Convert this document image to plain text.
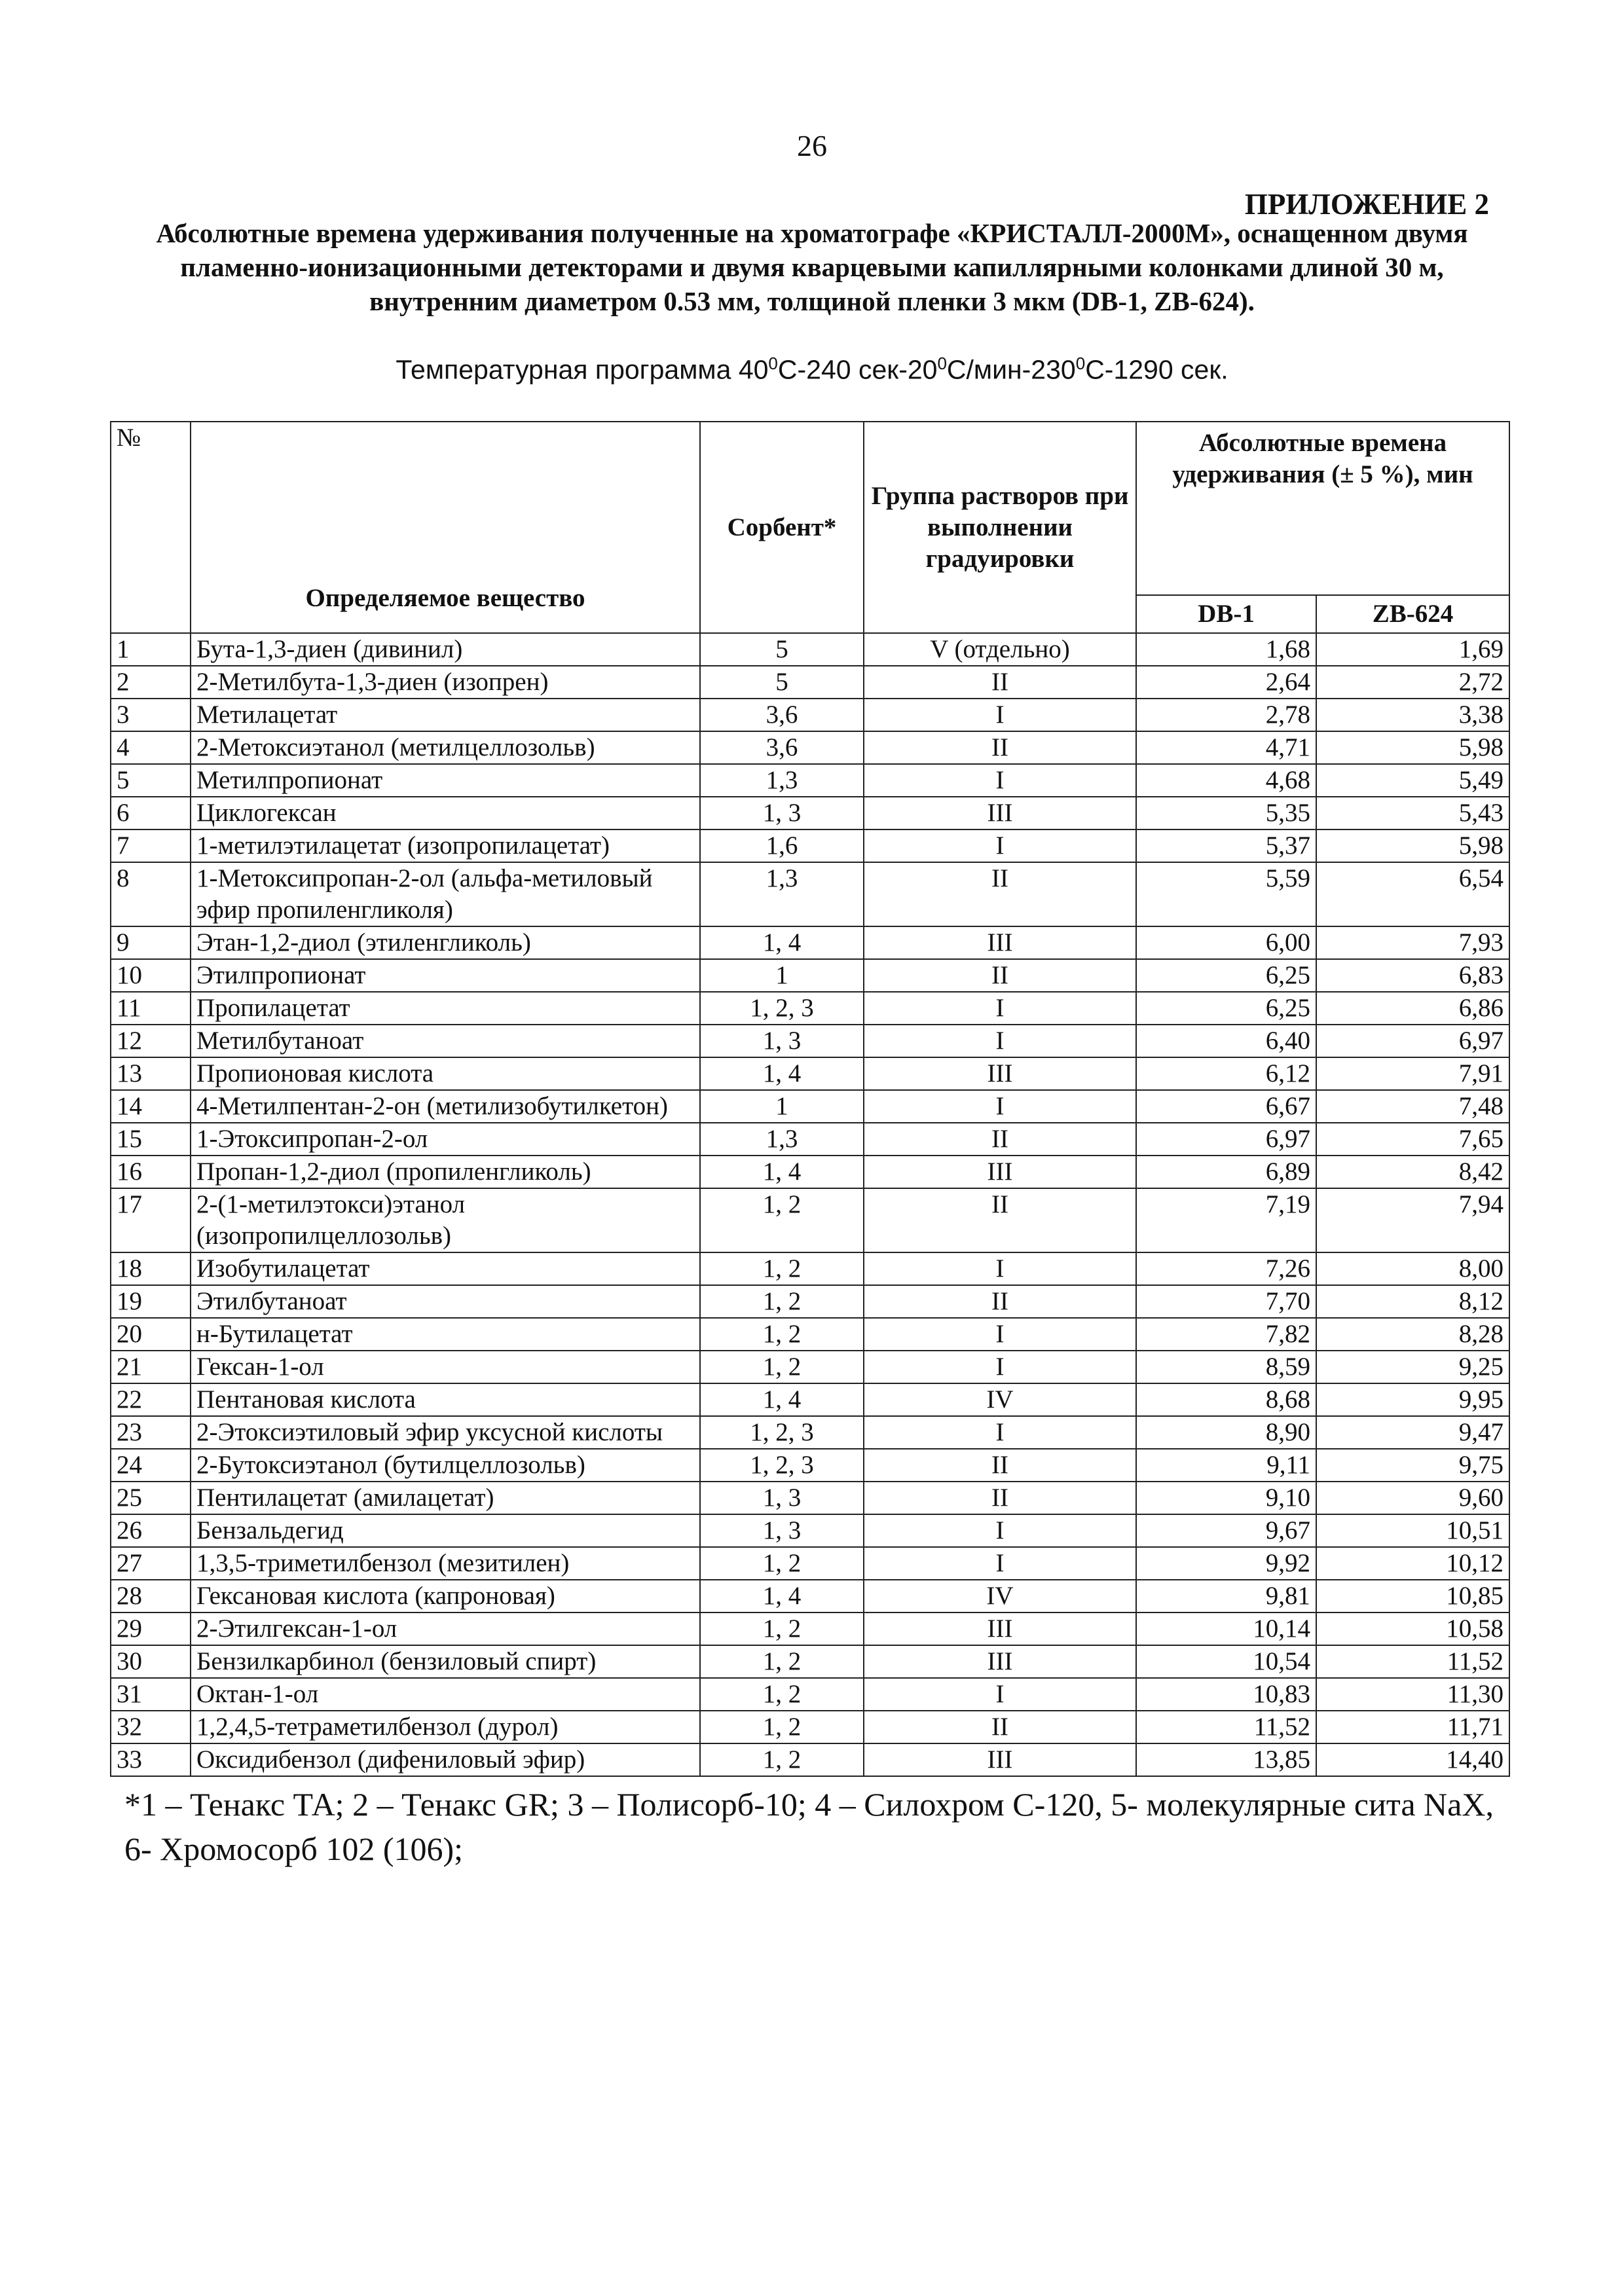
26
ПРИЛОЖЕНИЕ 2
Абсолютные времена удерживания полученные на хроматографе «КРИСТАЛЛ-2000М», оснащенном двумя пламенно-ионизационными детекторами и двумя кварцевыми капиллярными колонками длиной 30 м, внутренним диаметром 0.53 мм, толщиной пленки 3 мкм (DB-1, ZB-624).
Температурная программа $40^0С-240$ сек-$20^0С/мин-230^0С-1290$ сек.
№	Определяемое вещество	Сорбент*	Группа растворов при выполнении градуировки	Абсолютные времена удерживания (± 5 %), мин	
				DB-1	ZB-624
1	Бута-1,3-диен (дивинил)	5	V (отдельно)	1,68	1,69
2	2-Метилбута-1,3-диен (изопрен)	5	II	2,64	2,72
3	Метилацетат	3,6	I	2,78	3,38
4	2-Метоксиэтанол (метилцеллозольв)	3,6	II	4,71	5,98
5	Метилпропионат	1,3	I	4,68	5,49
6	Циклогексан	1, 3	III	5,35	5,43
7	1-метилэтилацетат (изопропилацетат)	1,6	I	5,37	5,98
8	1-Метоксипропан-2-ол (альфа-метиловый эфир пропиленгликоля)	1,3	II	5,59	6,54
9	Этан-1,2-диол (этиленгликоль)	1, 4	III	6,00	7,93
10	Этилпропионат	1	II	6,25	6,83
11	Пропилацетат	1, 2, 3	I	6,25	6,86
12	Метилбутаноат	1, 3	I	6,40	6,97
13	Пропионовая кислота	1, 4	III	6,12	7,91
14	4-Метилпентан-2-он (метилизобутилкетон)	1	I	6,67	7,48
15	1-Этоксипропан-2-ол	1,3	II	6,97	7,65
16	Пропан-1,2-диол (пропиленгликоль)	1, 4	III	6,89	8,42
17	2-(1-метилэтокси)этанол (изопропилцеллозольв)	1, 2	II	7,19	7,94
18	Изобутилацетат	1, 2	I	7,26	8,00
19	Этилбутаноат	1, 2	II	7,70	8,12
20	н-Бутилацетат	1, 2	I	7,82	8,28
21	Гексан-1-ол	1, 2	I	8,59	9,25
22	Пентановая кислота	1, 4	IV	8,68	9,95
23	2-Этоксиэтиловый эфир уксусной кислоты	1, 2, 3	I	8,90	9,47
24	2-Бутоксиэтанол (бутилцеллозольв)	1, 2, 3	II	9,11	9,75
25	Пентилацетат (амилацетат)	1, 3	II	9,10	9,60
26	Бензальдегид	1, 3	I	9,67	10,51
27	1,3,5-триметилбензол (мезитилен)	1, 2	I	9,92	10,12
28	Гексановая кислота (капроновая)	1, 4	IV	9,81	10,85
29	2-Этилгексан-1-ол	1, 2	III	10,14	10,58
30	Бензилкарбинол (бензиловый спирт)	1, 2	III	10,54	11,52
31	Октан-1-ол	1, 2	I	10,83	11,30
32	1,2,4,5-тетраметилбензол (дурол)	1, 2	II	11,52	11,71
33	Оксидибензол (дифениловый эфир)	1, 2	III	13,85	14,40
*1 – Тенакс ТА; 2 – Тенакс GR; 3 – Полисорб-10; 4 – Силохром С-120, 5- молекулярные сита NaX, 6- Хромосорб 102 (106);
